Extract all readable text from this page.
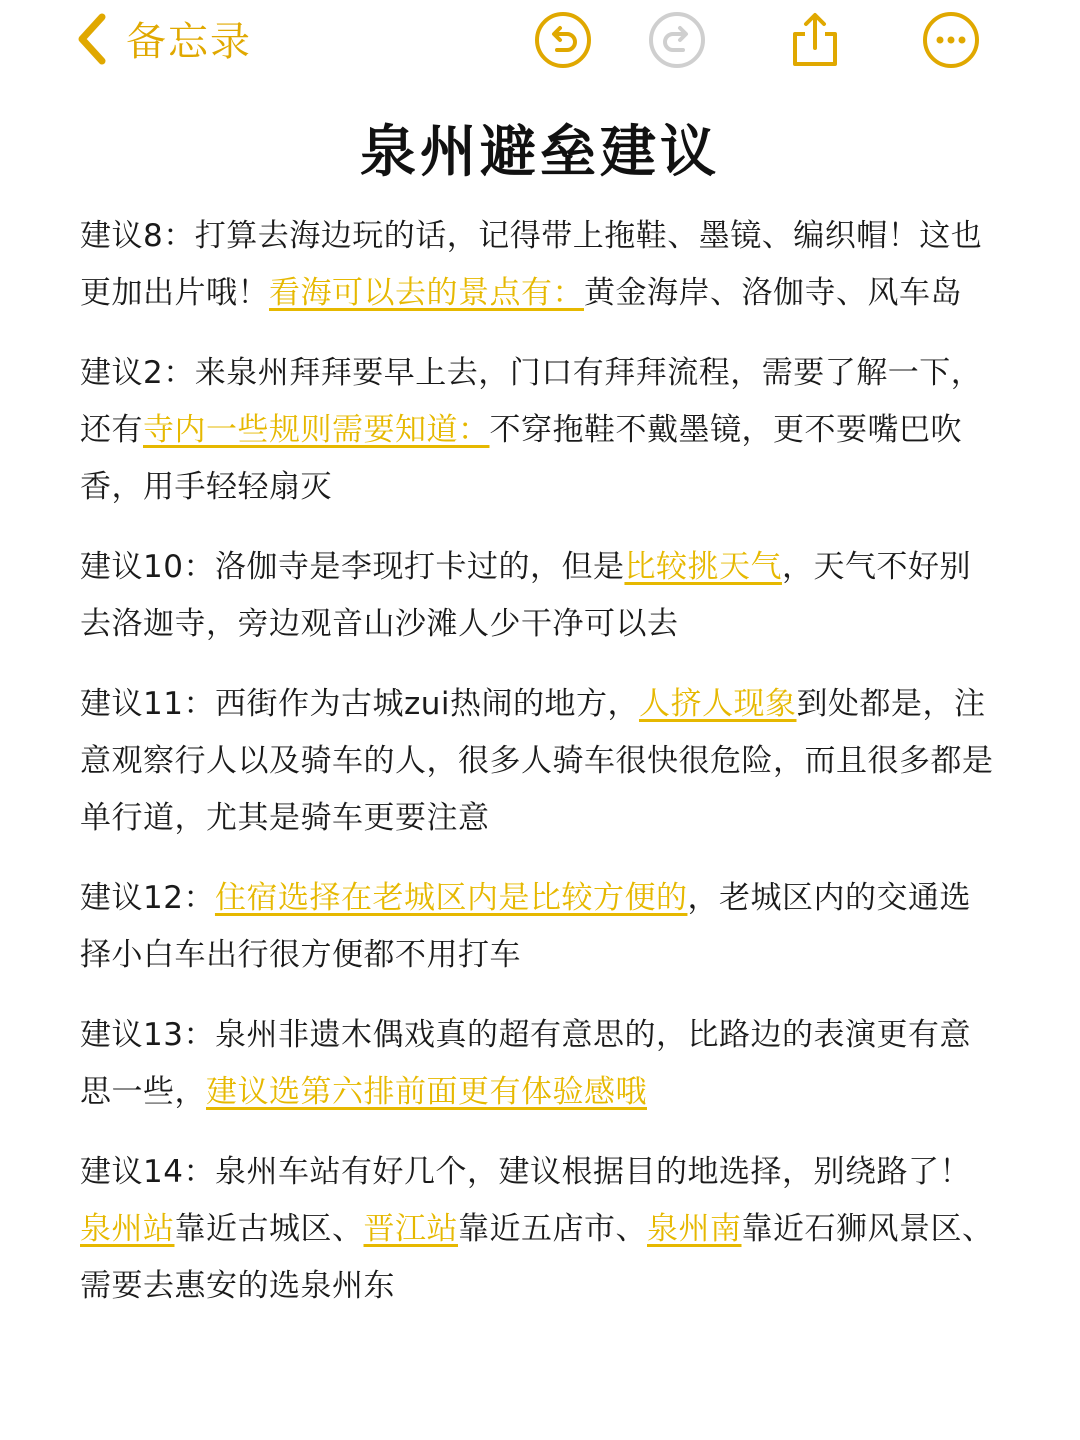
备忘录
泉州避垒建议

建议8：打算去海边玩的话，记得带上拖鞋、墨镜、编织帽！这也更加出片哦！看海可以去的景点有：黄金海岸、洛伽寺、风车岛

建议2：来泉州拜拜要早上去，门口有拜拜流程，需要了解一下，还有寺内一些规则需要知道：不穿拖鞋不戴墨镜，更不要嘴巴吹香，用手轻轻扇灭

建议10：洛伽寺是李现打卡过的，但是比较挑天气，天气不好别去洛迦寺，旁边观音山沙滩人少干净可以去

建议11：西街作为古城zui热闹的地方，人挤人现象到处都是，注意观察行人以及骑车的人，很多人骑车很快很危险，而且很多都是单行道，尤其是骑车更要注意

建议12：住宿选择在老城区内是比较方便的，老城区内的交通选择小白车出行很方便都不用打车

建议13：泉州非遗木偶戏真的超有意思的，比路边的表演更有意思一些，建议选第六排前面更有体验感哦

建议14：泉州车站有好几个，建议根据目的地选择，别绕路了！泉州站靠近古城区、晋江站靠近五店市、泉州南靠近石狮风景区、需要去惠安的选泉州东
